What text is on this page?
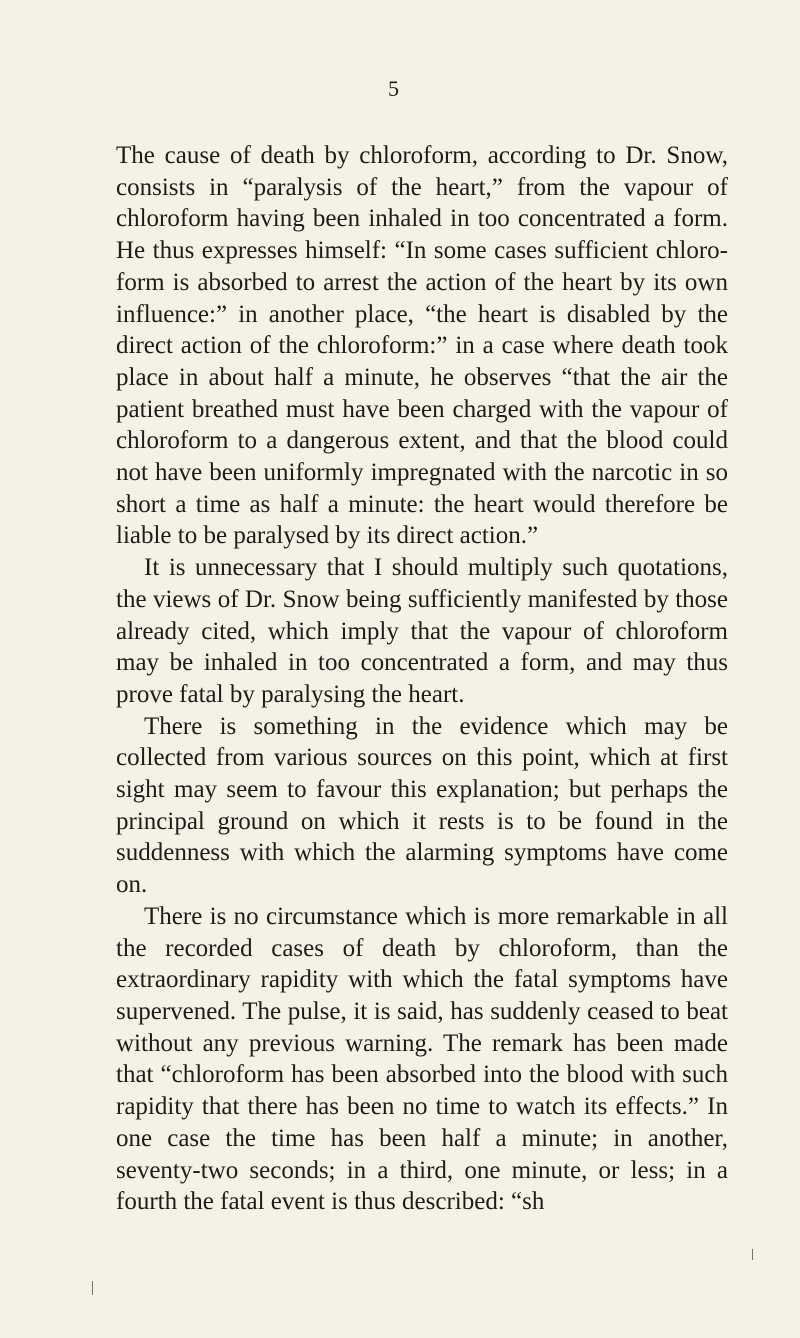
5

The cause of death by chloroform, according to Dr. Snow, consists in “paralysis of the heart,” from the vapour of chloroform having been inhaled in too concentrated a form. He thus expresses himself: “In some cases sufficient chloroform is absorbed to arrest the action of the heart by its own influence:” in another place, “the heart is disabled by the direct action of the chloroform:” in a case where death took place in about half a minute, he observes “that the air the patient breathed must have been charged with the vapour of chloroform to a dangerous extent, and that the blood could not have been uniformly impregnated with the narcotic in so short a time as half a minute: the heart would therefore be liable to be paralysed by its direct action.”

It is unnecessary that I should multiply such quotations, the views of Dr. Snow being sufficiently manifested by those already cited, which imply that the vapour of chloroform may be inhaled in too concentrated a form, and may thus prove fatal by paralysing the heart.

There is something in the evidence which may be collected from various sources on this point, which at first sight may seem to favour this explanation; but perhaps the principal ground on which it rests is to be found in the suddenness with which the alarming symptoms have come on.

There is no circumstance which is more remarkable in all the recorded cases of death by chloroform, than the extraordinary rapidity with which the fatal symptoms have supervened. The pulse, it is said, has suddenly ceased to beat without any previous warning. The remark has been made that “chloroform has been absorbed into the blood with such rapidity that there has been no time to watch its effects.” In one case the time has been half a minute; in another, seventy-two seconds; in a third, one minute, or less; in a fourth the fatal event is thus described: “sh
